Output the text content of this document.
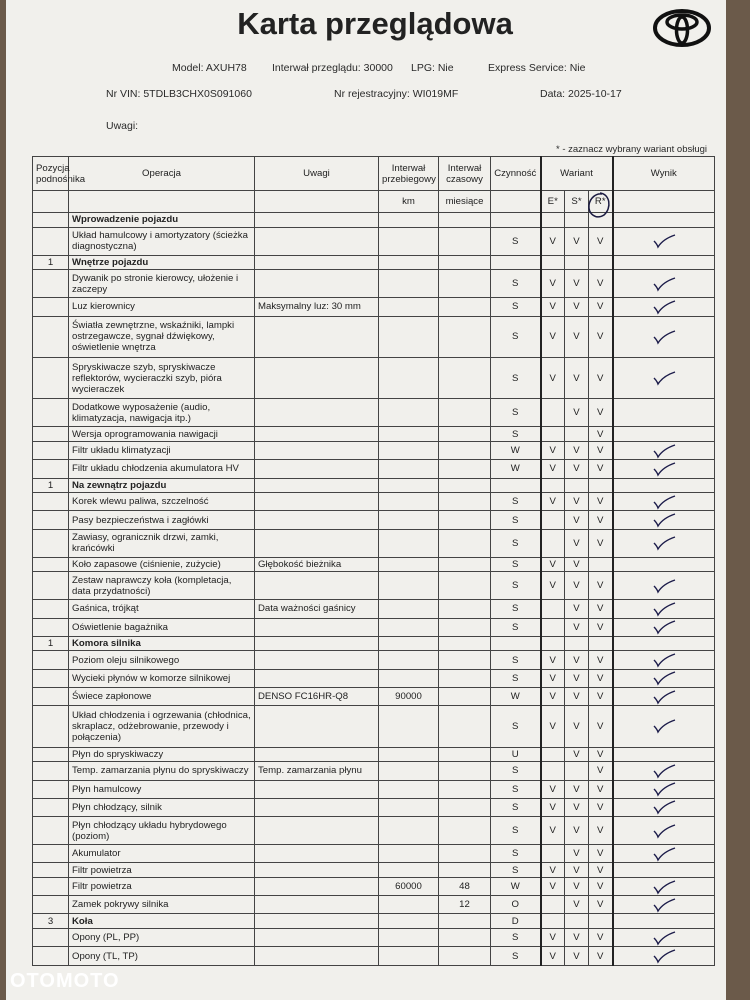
Karta przeglądowa
Model: AXUH78 Interwał przeglądu: 30000 LPG: Nie	Express Service: Nie
Nr VIN: 5TDLB3CHX0S091060	Nr rejestracyjny: WI019MF	Data: 2025-10-17
Uwagi:
* - zaznacz wybrany wariant obsługi
Pozycja podnośnika	Operacja	Uwagi	Interwał przebiegowy	Interwał czasowy	Czynność	Wariant			Wynik
			km	miesiące		E*	S*	R*	
	Wprowadzenie pojazdu								
	Układ hamulcowy i amortyzatory (ścieżka diagnostyczna)				S	V	V	V	

1	Wnętrze pojazdu								
	Dywanik po stronie kierowcy, ułożenie i zaczepy				S	V	V	V	

	Luz kierownicy	Maksymalny luz: 30 mm			S	V	V	V	

	Światła zewnętrzne, wskaźniki, lampki ostrzegawcze, sygnał dźwiękowy, oświetlenie wnętrza				S	V	V	V	

	Spryskiwacze szyb, spryskiwacze reflektorów, wycieraczki szyb, pióra wycieraczek				S	V	V	V	

	Dodatkowe wyposażenie (audio, klimatyzacja, nawigacja itp.)				S		V	V	
	Wersja oprogramowania nawigacji				S			V	
	Filtr układu klimatyzacji				W	V	V	V	

	Filtr układu chłodzenia akumulatora HV				W	V	V	V	

1	Na zewnątrz pojazdu								
	Korek wlewu paliwa, szczelność				S	V	V	V	

	Pasy bezpieczeństwa i zagłówki				S		V	V	

	Zawiasy, ogranicznik drzwi, zamki, krańcówki				S		V	V	

	Koło zapasowe (ciśnienie, zużycie)	Głębokość bieżnika			S	V	V		
	Zestaw naprawczy koła (kompletacja, data przydatności)				S	V	V	V	

	Gaśnica, trójkąt	Data ważności gaśnicy			S		V	V	

	Oświetlenie bagażnika				S		V	V	

1	Komora silnika								
	Poziom oleju silnikowego				S	V	V	V	

	Wycieki płynów w komorze silnikowej				S	V	V	V	

	Świece zapłonowe	DENSO FC16HR-Q8	90000		W	V	V	V	

	Układ chłodzenia i ogrzewania (chłodnica, skraplacz, odżebrowanie, przewody i połączenia)				S	V	V	V	

	Płyn do spryskiwaczy				U		V	V	
	Temp. zamarzania płynu do spryskiwaczy	Temp. zamarzania płynu			S			V	

	Płyn hamulcowy				S	V	V	V	

	Płyn chłodzący, silnik				S	V	V	V	

	Płyn chłodzący układu hybrydowego (poziom)				S	V	V	V	

	Akumulator				S		V	V	

	Filtr powietrza				S	V	V	V	
	Filtr powietrza		60000	48	W	V	V	V	

	Zamek pokrywy silnika			12	O		V	V	

3	Koła				D				
	Opony (PL, PP)				S	V	V	V	

	Opony (TL, TP)				S	V	V	V	
OTOMOTO
